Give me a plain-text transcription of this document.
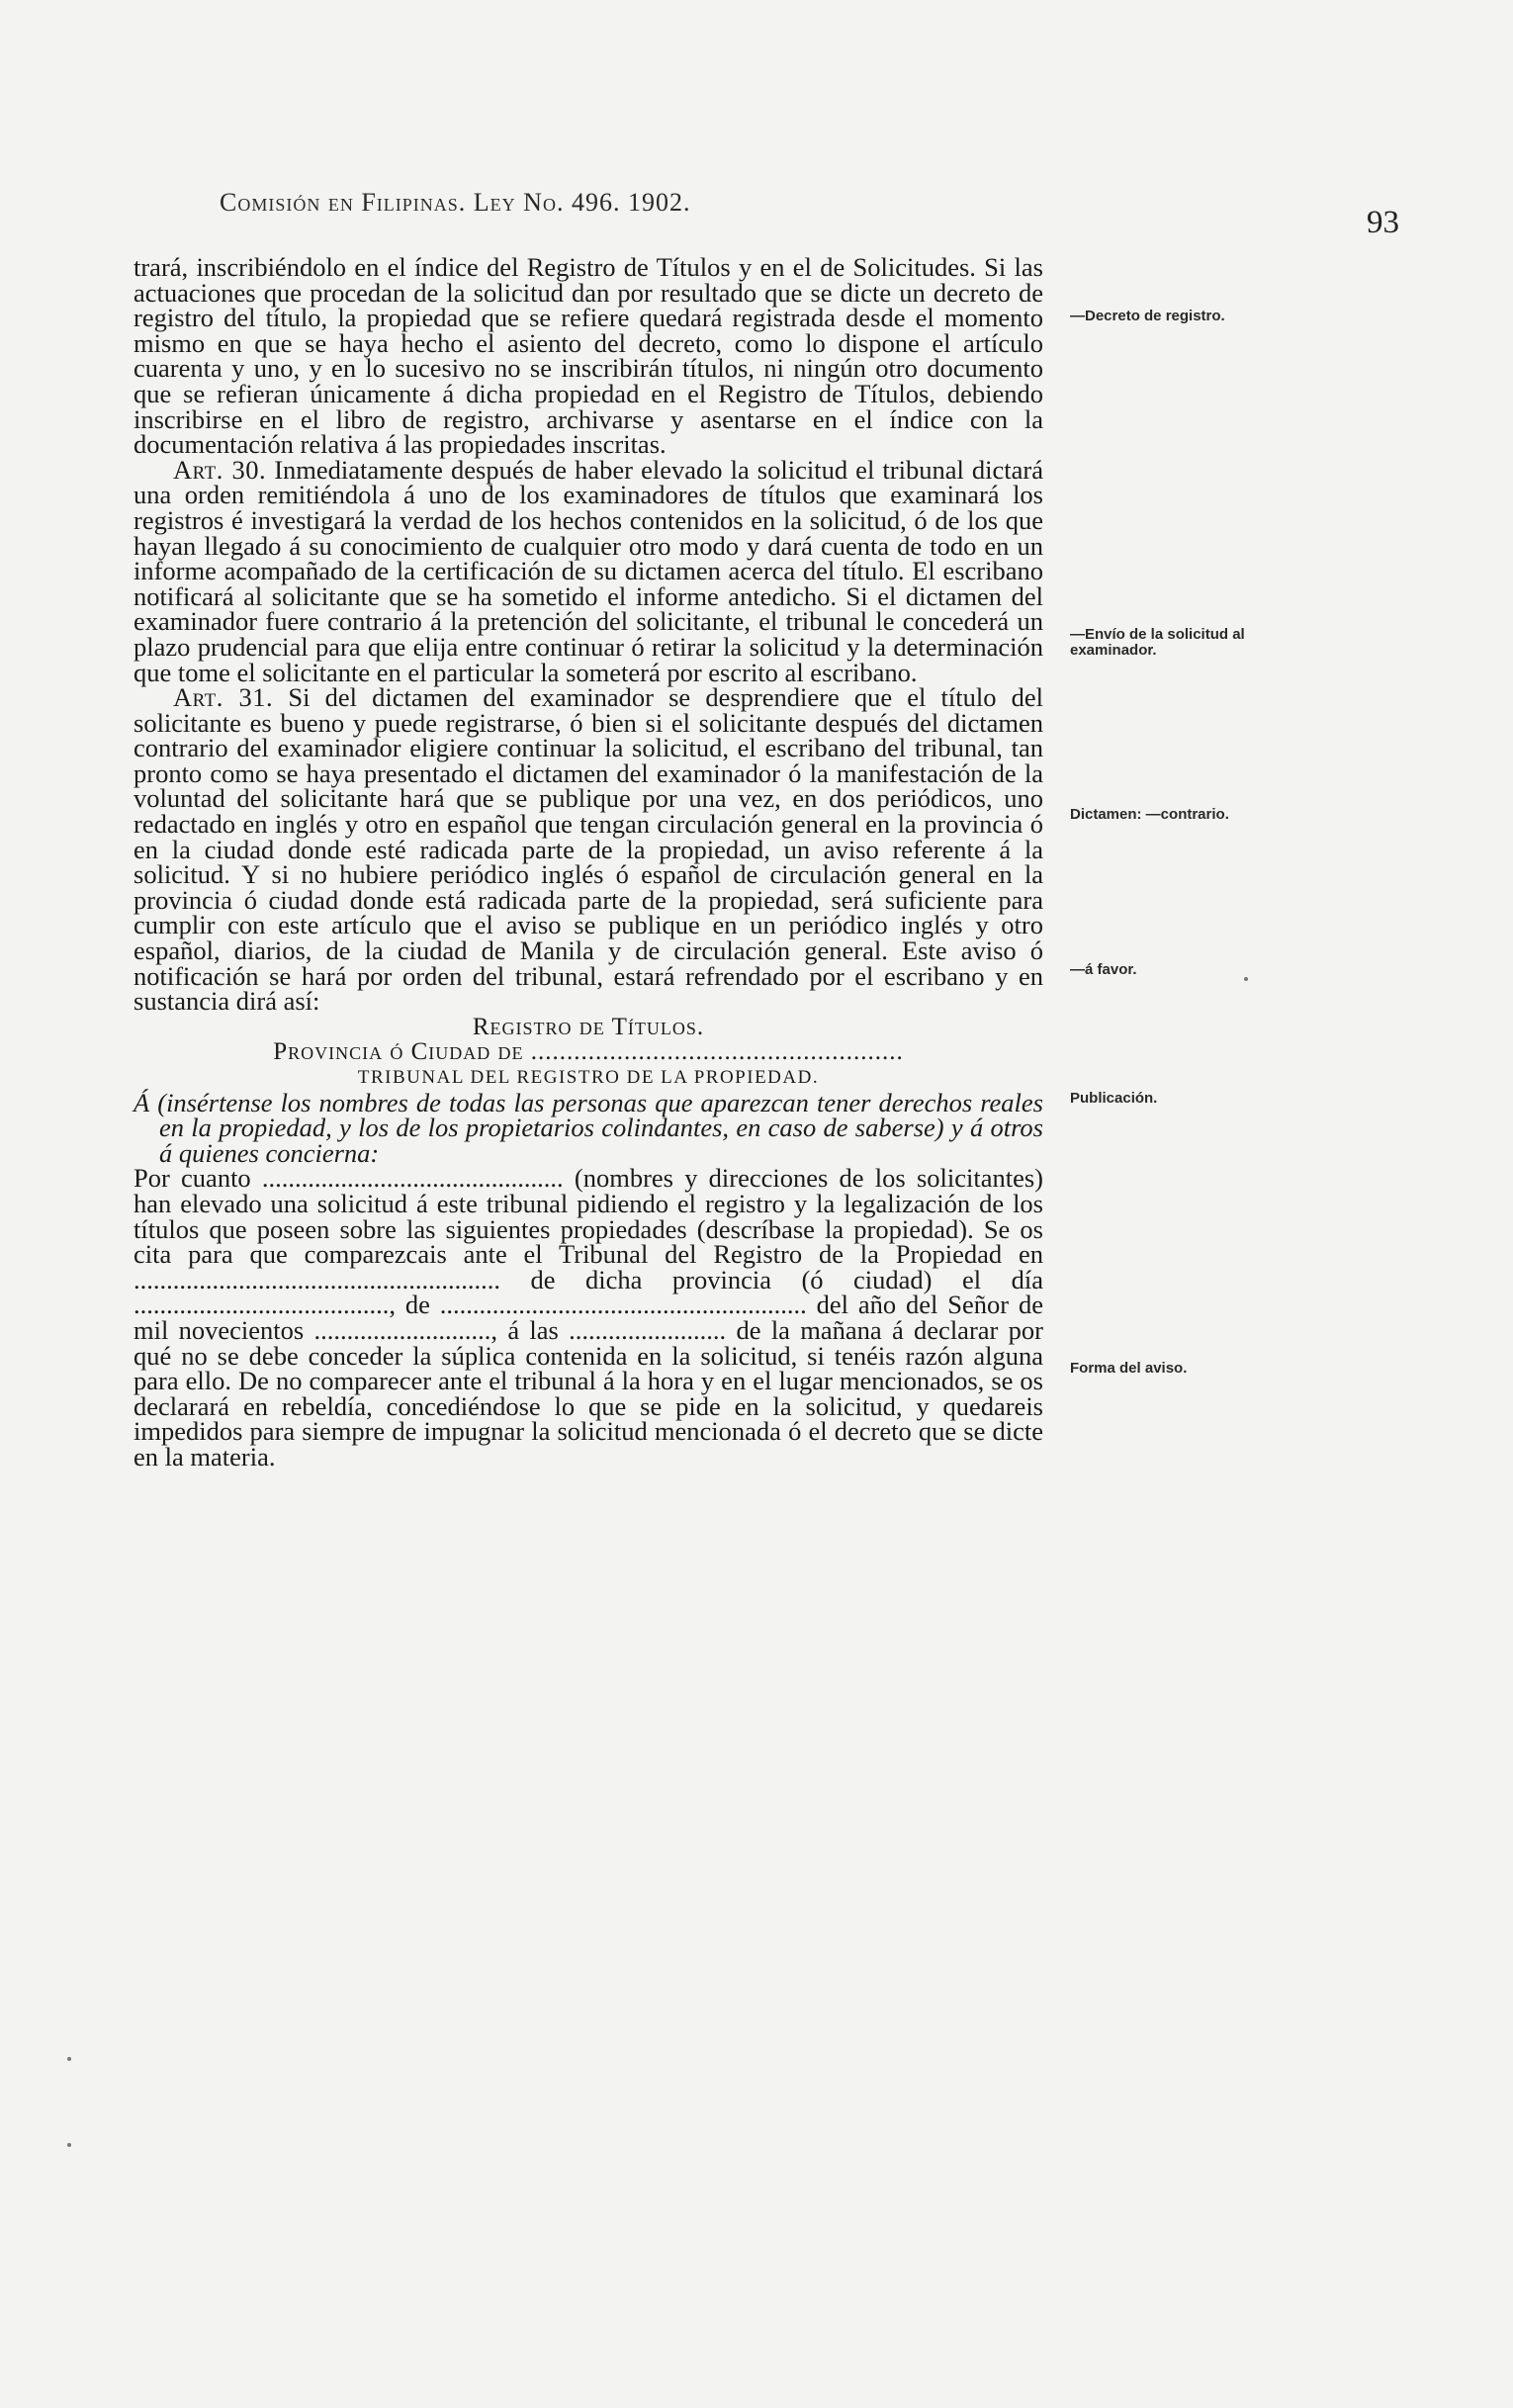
Comisión en Filipinas. Ley No. 496. 1902.
93

trará, inscribiéndolo en el índice del Registro de Títulos y en el de Solicitudes. Si las actuaciones que procedan de la solicitud dan por resultado que se dicte un decreto de registro del título, la propiedad que se refiere quedará registrada desde el momento mismo en que se haya hecho el asiento del decreto, como lo dispone el artículo cuarenta y uno, y en lo sucesivo no se inscribirán títulos, ni ningún otro documento que se refieran únicamente á dicha propiedad en el Registro de Títulos, debiendo inscribirse en el libro de registro, archivarse y asentarse en el índice con la documentación relativa á las propiedades inscritas.

Art. 30. Inmediatamente después de haber elevado la solicitud el tribunal dictará una orden remitiéndola á uno de los examinadores de títulos que examinará los registros é investigará la verdad de los hechos contenidos en la solicitud, ó de los que hayan llegado á su conocimiento de cualquier otro modo y dará cuenta de todo en un informe acompañado de la certificación de su dictamen acerca del título. El escribano notificará al solicitante que se ha sometido el informe antedicho. Si el dictamen del examinador fuere contrario á la pretención del solicitante, el tribunal le concederá un plazo prudencial para que elija entre continuar ó retirar la solicitud y la determinación que tome el solicitante en el particular la someterá por escrito al escribano.

Art. 31. Si del dictamen del examinador se desprendiere que el título del solicitante es bueno y puede registrarse, ó bien si el solicitante después del dictamen contrario del examinador eligiere continuar la solicitud, el escribano del tribunal, tan pronto como se haya presentado el dictamen del examinador ó la manifestación de la voluntad del solicitante hará que se publique por una vez, en dos periódicos, uno redactado en inglés y otro en español que tengan circulación general en la provincia ó en la ciudad donde esté radicada parte de la propiedad, un aviso referente á la solicitud. Y si no hubiere periódico inglés ó español de circulación general en la provincia ó ciudad donde está radicada parte de la propiedad, será suficiente para cumplir con este artículo que el aviso se publique en un periódico inglés y otro español, diarios, de la ciudad de Manila y de circulación general. Este aviso ó notificación se hará por orden del tribunal, estará refrendado por el escribano y en sustancia dirá así:

Registro de Títulos.

Provincia ó Ciudad de ....................................................

TRIBUNAL DEL REGISTRO DE LA PROPIEDAD.

Á (insértense los nombres de todas las personas que aparezcan tener derechos reales en la propiedad, y los de los propietarios colindantes, en caso de saberse) y á otros á quienes concierna:

Por cuanto .............................................. (nombres y direcciones de los solicitantes) han elevado una solicitud á este tribunal pidiendo el registro y la legalización de los títulos que poseen sobre las siguientes propiedades (descríbase la propiedad). Se os cita para que comparezcais ante el Tribunal del Registro de la Propiedad en ........................................................ de dicha provincia (ó ciudad) el día ......................................., de ........................................................ del año del Señor de mil novecientos ..........................., á las ........................ de la mañana á declarar por qué no se debe conceder la súplica contenida en la solicitud, si tenéis razón alguna para ello. De no comparecer ante el tribunal á la hora y en el lugar mencionados, se os declarará en rebeldía, concediéndose lo que se pide en la solicitud, y quedareis impedidos para siempre de impugnar la solicitud mencionada ó el decreto que se dicte en la materia.

—Decreto de registro.
—Envío de la solicitud al examinador.
Dictamen: —contrario.
—á favor.
Publicación.
Forma del aviso.
